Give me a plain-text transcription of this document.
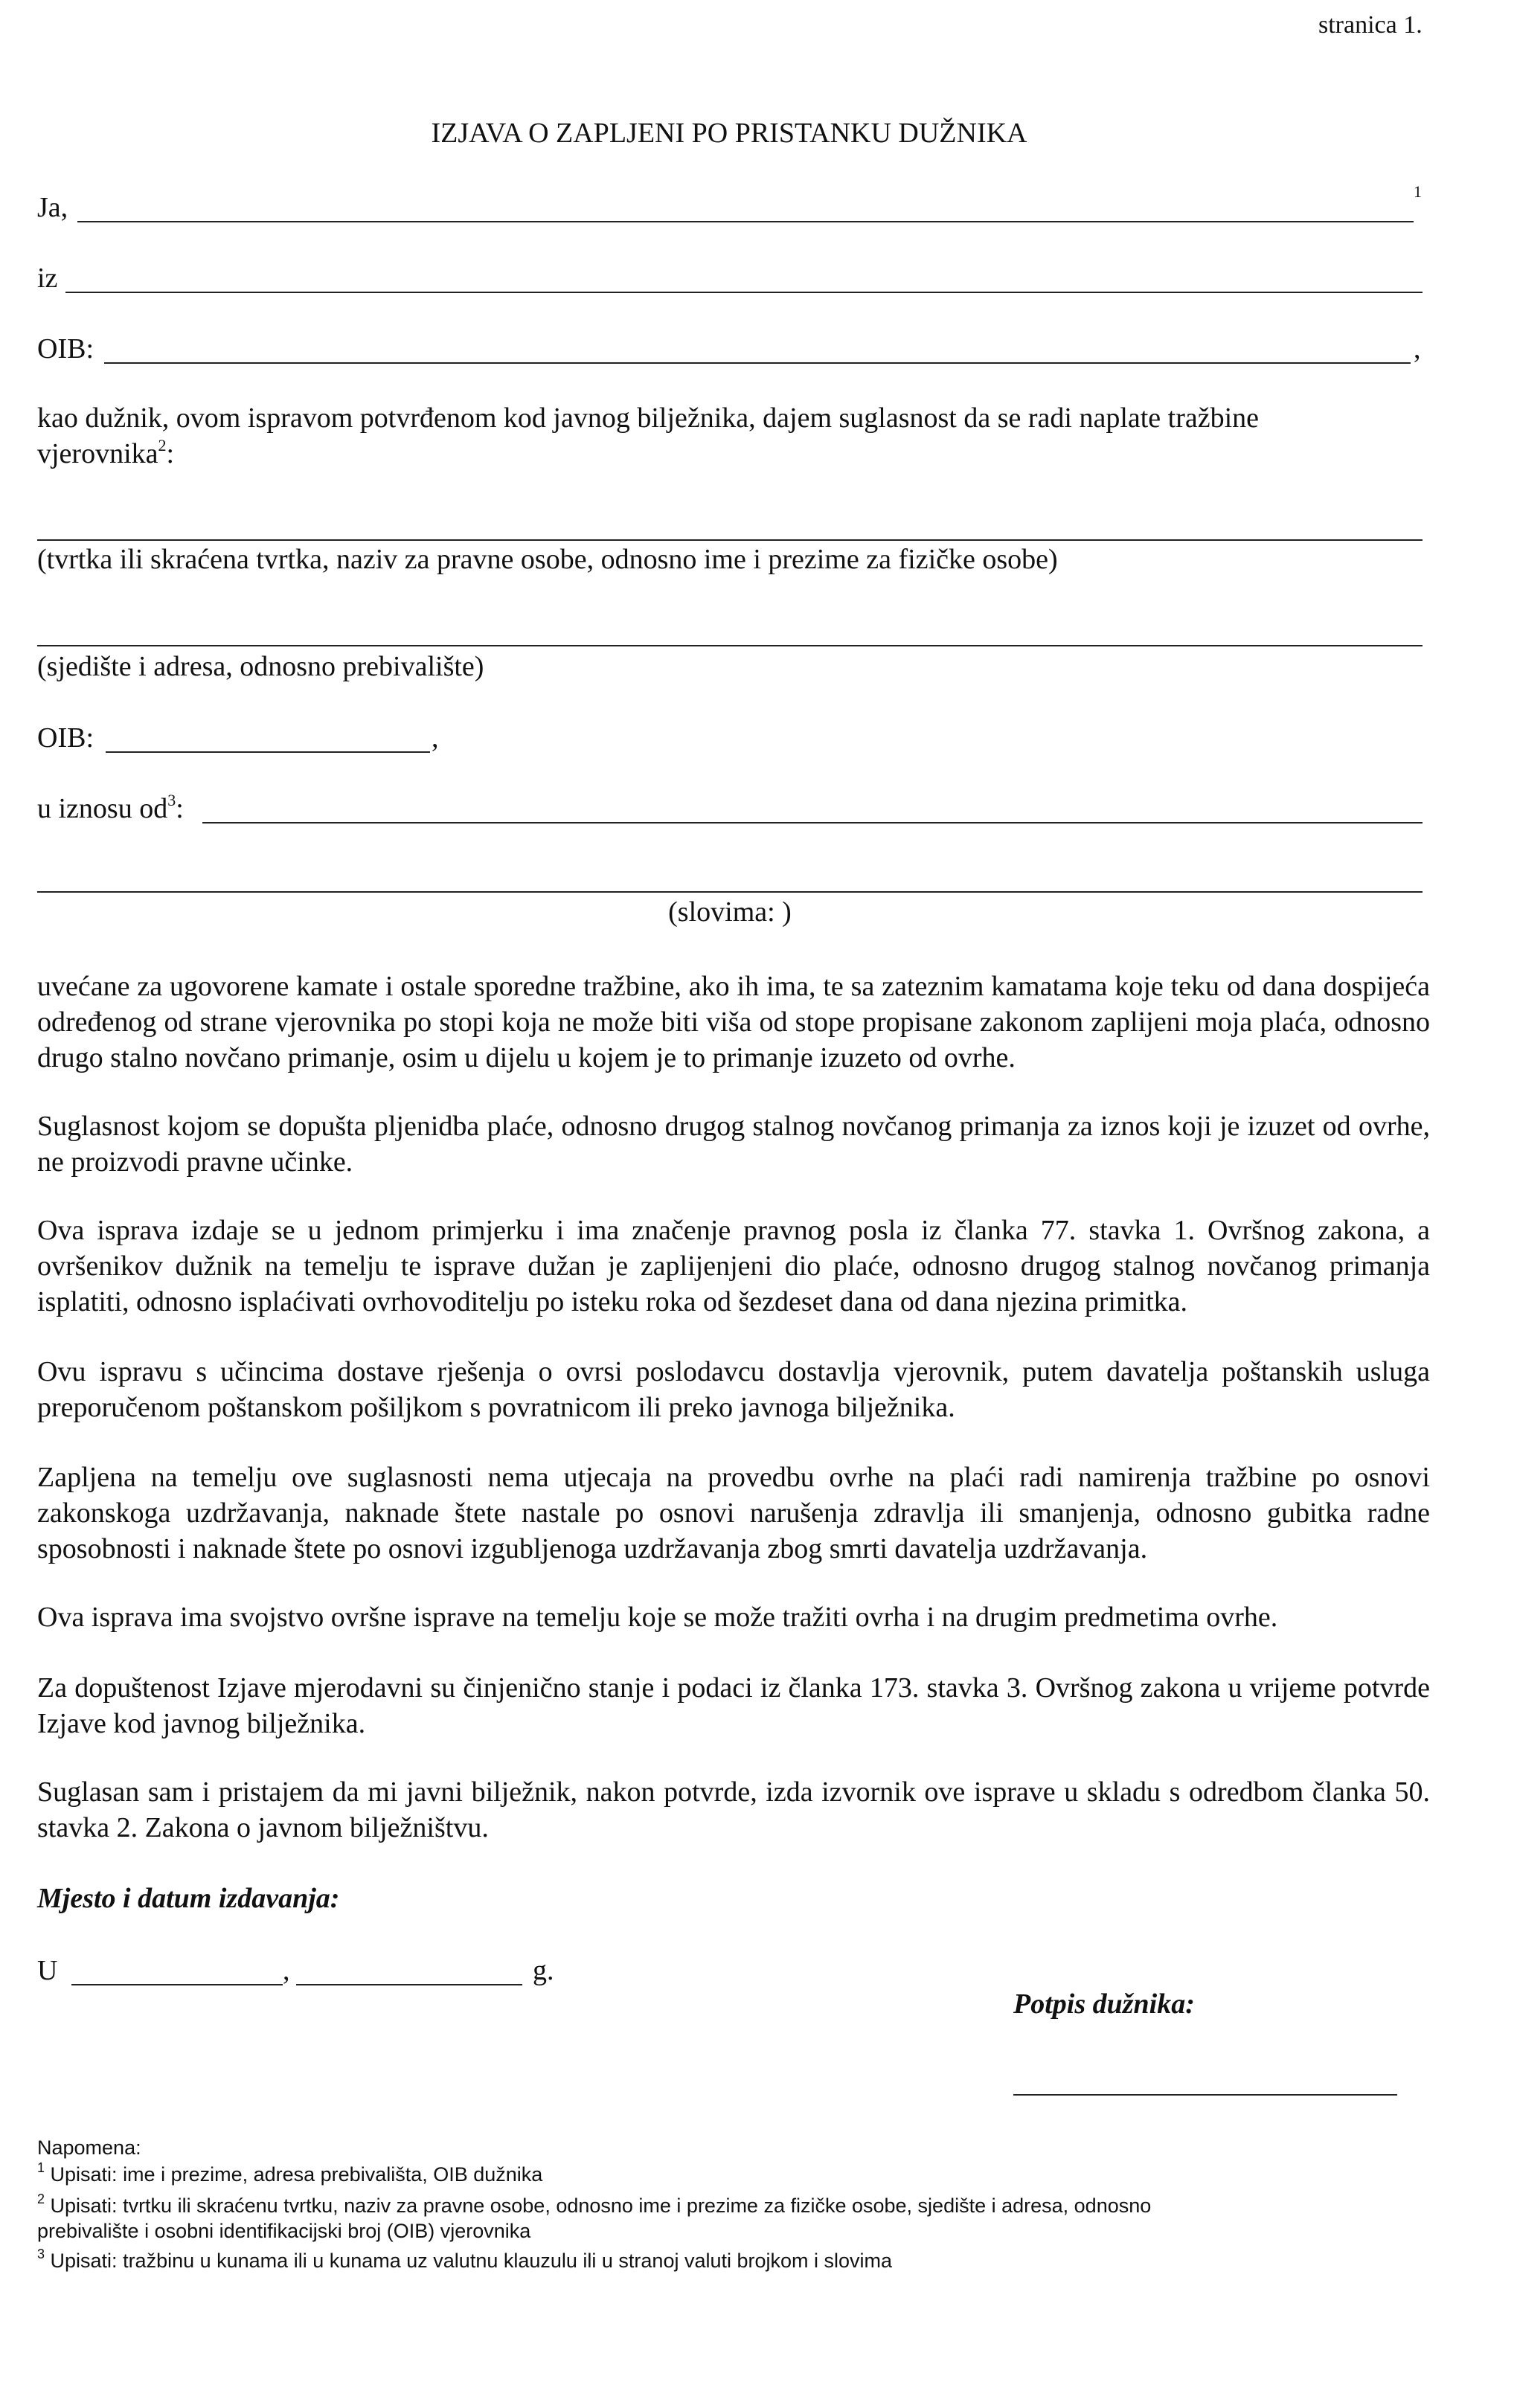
stranica 1.
IZJAVA O ZAPLJENI PO PRISTANKU DUŽNIKA
Ja,
1
iz
OIB:	,
kao dužnik, ovom ispravom potvrđenom kod javnog bilježnika, dajem suglasnost da se radi naplate tražbine
vjerovnika$^2$:
(tvrtka ili skraćena tvrtka, naziv za pravne osobe, odnosno ime i prezime za fizičke osobe)
(sjedište i adresa, odnosno prebivalište)
OIB:	,
u iznosu $od^3$:
(slovima: )
uvećane za ugovorene kamate i ostale sporedne tražbine, ako ih ima, te sa zateznim kamatama koje teku od dana dospijeća određenog od strane vjerovnika po stopi koja ne može biti viša od stope propisane zakonom zaplijeni moja plaća, odnosno drugo stalno novčano primanje, osim u dijelu u kojem je to primanje izuzeto od ovrhe.
Suglasnost kojom se dopušta pljenidba plaće, odnosno drugog stalnog novčanog primanja za iznos koji je izuzet od ovrhe, ne proizvodi pravne učinke.
Ova isprava izdaje se u jednom primjerku i ima značenje pravnog posla iz članka 77. stavka 1. Ovršnog zakona, a ovršenikov dužnik na temelju te isprave dužan je zaplijenjeni dio plaće, odnosno drugog stalnog novčanog primanja isplatiti, odnosno isplaćivati ovrhovoditelju po isteku roka od šezdeset dana od dana njezina primitka.
Ovu ispravu s učincima dostave rješenja o ovrsi poslodavcu dostavlja vjerovnik, putem davatelja poštanskih usluga preporučenom poštanskom pošiljkom s povratnicom ili preko javnoga bilježnika.
Zapljena na temelju ove suglasnosti nema utjecaja na provedbu ovrhe na plaći radi namirenja tražbine po osnovi zakonskoga uzdržavanja, naknade štete nastale po osnovi narušenja zdravlja ili smanjenja, odnosno gubitka radne sposobnosti i naknade štete po osnovi izgubljenoga uzdržavanja zbog smrti davatelja uzdržavanja.
Ova isprava ima svojstvo ovršne isprave na temelju koje se može tražiti ovrha i na drugim predmetima ovrhe.
Za dopuštenost Izjave mjerodavni su činjenično stanje i podaci iz članka 173. stavka 3. Ovršnog zakona u vrijeme potvrde Izjave kod javnog bilježnika.
Suglasan sam i pristajem da mi javni bilježnik, nakon potvrde, izda izvornik ove isprave u skladu s odredbom članka 50. stavka 2. Zakona o javnom bilježništvu.
Mjesto i datum izdavanja:
U	,	g.
Potpis dužnika:
Napomena:
$^1$ Upisati: ime i prezime, adresa prebivališta, OIB dužnika
$^2$ Upisati: tvrtku ili skraćenu tvrtku, naziv za pravne osobe, odnosno ime i prezime za fizičke osobe, sjedište i adresa, odnosno
prebivalište i osobni identifikacijski broj (OIB) vjerovnika
$^3$ Upisati: tražbinu u kunama ili u kunama uz valutnu klauzulu ili u stranoj valuti brojkom i slovima
